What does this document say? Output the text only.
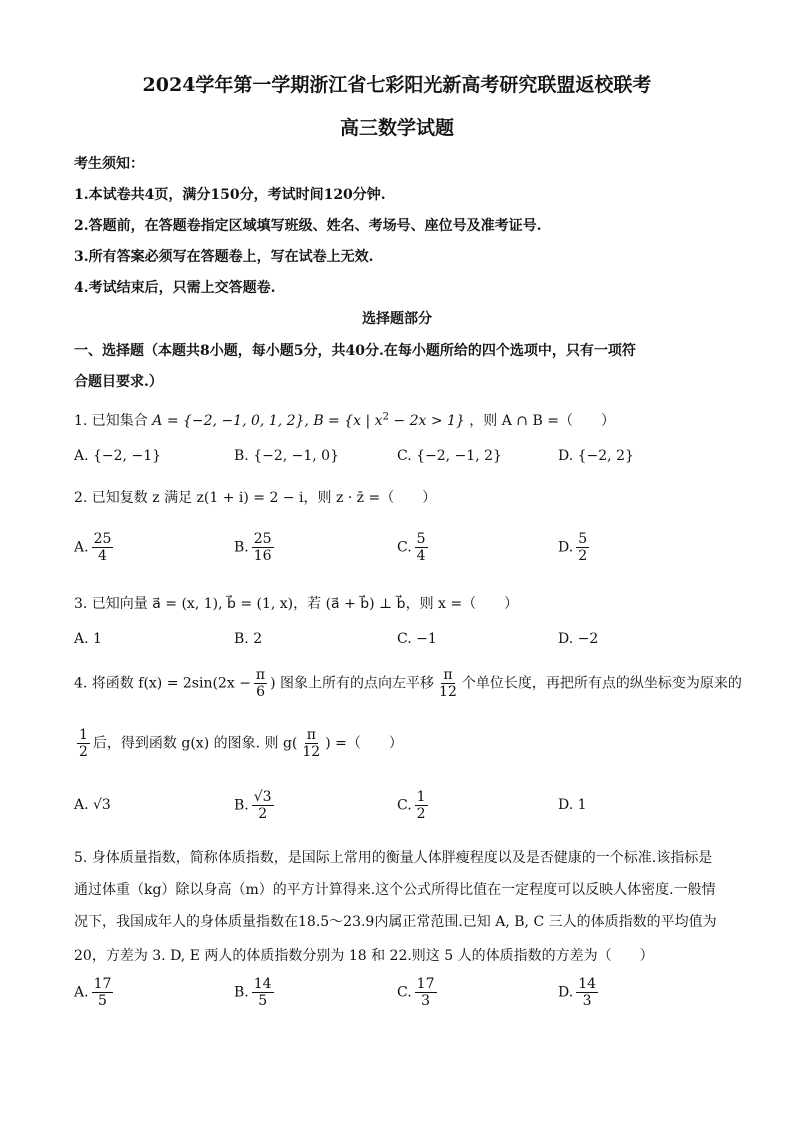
2024学年第一学期浙江省七彩阳光新高考研究联盟返校联考
高三数学试题
考生须知：
1.本试卷共4页，满分150分，考试时间120分钟.
2.答题前，在答题卷指定区域填写班级、姓名、考场号、座位号及准考证号.
3.所有答案必须写在答题卷上，写在试卷上无效.
4.考试结束后，只需上交答题卷.
选择题部分
一、选择题（本题共8小题，每小题5分，共40分.在每小题所给的四个选项中，只有一项符
合题目要求.）
1. 已知集合 A = {−2, −1, 0, 1, 2}, B = {x | $x^2 - 2x > 1$} ，则 A ∩ B =（　　）
A. {−2, −1}	B. {−2, −1, 0}	C. {−2, −1, 2}	D. {−2, 2}
2. 已知复数 z 满足 z(1 + i) = 2 − i，则 z · z̄ =（　　）
A. $\frac{25}{4}$	B. $\frac{25}{16}$	C. $\frac{5}{4}$	D. $\frac{5}{2}$
3. 已知向量 a⃗ = (x, 1), b⃗ = (1, x)，若 (a⃗ + b⃗) ⊥ b⃗，则 x =（　　）
A. 1	B. 2	C. −1	D. −2
4. 将函数 $f(x) = 2\sin(2x - \frac{\pi}{6}$ ) 图象上所有的点向左平移 $\frac{\pi}{12}$ 个单位长度，再把所有点的纵坐标变为原来的
$\frac{1}{2}$ 后，得到函数 g(x) 的图象. 则 $g( \frac{\pi}{12}$ ) =（　　）
A. √3	B. $\frac{√3}{2}$	C. $\frac{1}{2}$	D. 1
5. 身体质量指数，简称体质指数，是国际上常用的衡量人体胖瘦程度以及是否健康的一个标准.该指标是
通过体重（kg）除以身高（m）的平方计算得来.这个公式所得比值在一定程度可以反映人体密度.一般情
况下，我国成年人的身体质量指数在18.5～23.9内属正常范围.已知 A, B, C 三人的体质指数的平均值为
20，方差为 3. D, E 两人的体质指数分别为 18 和 22.则这 5 人的体质指数的方差为（　　）
A. $\frac{17}{5}$	B. $\frac{14}{5}$	C. $\frac{17}{3}$	D. $\frac{14}{3}$
